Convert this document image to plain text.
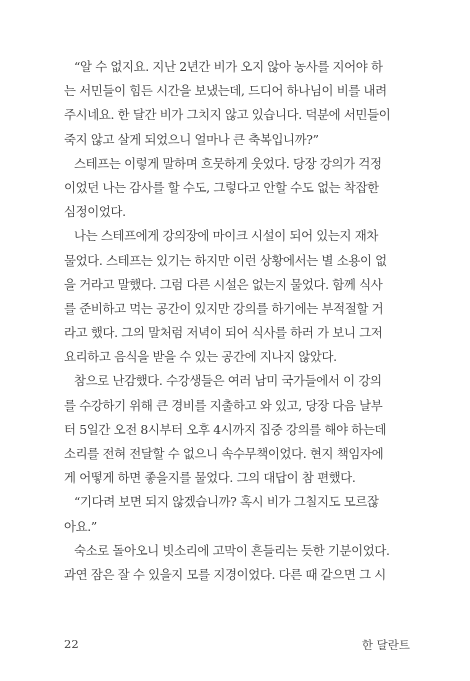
“알 수 없지요. 지난 2년간 비가 오지 않아 농사를 지어야 하
는 서민들이 힘든 시간을 보냈는데, 드디어 하나님이 비를 내려
주시네요. 한 달간 비가 그치지 않고 있습니다. 덕분에 서민들이
죽지 않고 살게 되었으니 얼마나 큰 축복입니까?”
스테프는 이렇게 말하며 흐뭇하게 웃었다. 당장 강의가 걱정
이었던 나는 감사를 할 수도, 그렇다고 안할 수도 없는 착잡한
심정이었다.
나는 스테프에게 강의장에 마이크 시설이 되어 있는지 재차
물었다. 스테프는 있기는 하지만 이런 상황에서는 별 소용이 없
을 거라고 말했다. 그럼 다른 시설은 없는지 물었다. 함께 식사
를 준비하고 먹는 공간이 있지만 강의를 하기에는 부적절할 거
라고 했다. 그의 말처럼 저녁이 되어 식사를 하러 가 보니 그저
요리하고 음식을 받을 수 있는 공간에 지나지 않았다.
참으로 난감했다. 수강생들은 여러 남미 국가들에서 이 강의
를 수강하기 위해 큰 경비를 지출하고 와 있고, 당장 다음 날부
터 5일간 오전 8시부터 오후 4시까지 집중 강의를 해야 하는데
소리를 전혀 전달할 수 없으니 속수무책이었다. 현지 책임자에
게 어떻게 하면 좋을지를 물었다. 그의 대답이 참 편했다.
“기다려 보면 되지 않겠습니까? 혹시 비가 그칠지도 모르잖
아요.”
숙소로 돌아오니 빗소리에 고막이 흔들리는 듯한 기분이었다.
과연 잠은 잘 수 있을지 모를 지경이었다. 다른 때 같으면 그 시
22	한 달란트
